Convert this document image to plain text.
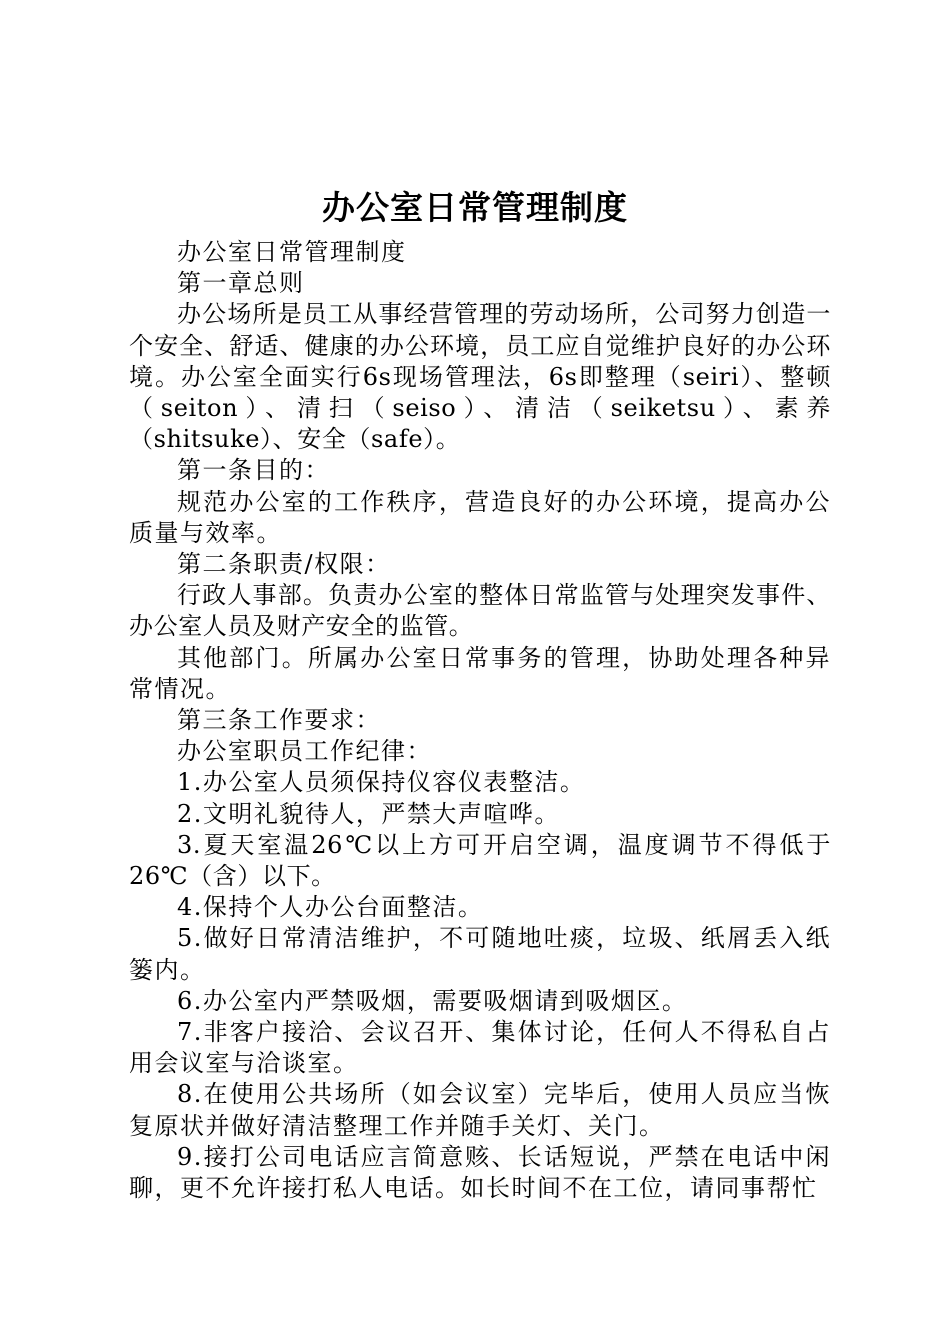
办公室日常管理制度

办公室日常管理制度

第一章总则

办公场所是员工从事经营管理的劳动场所，公司努力创造一个安全、舒适、健康的办公环境，员工应自觉维护良好的办公环境。办公室全面实行6s现场管理法，6s即整理（seiri）、整顿（seiton）、清扫（seiso）、清洁（seiketsu）、素养（shitsuke）、安全（safe）。

第一条目的：

规范办公室的工作秩序，营造良好的办公环境，提高办公质量与效率。

第二条职责/权限：

行政人事部。负责办公室的整体日常监管与处理突发事件、办公室人员及财产安全的监管。

其他部门。所属办公室日常事务的管理，协助处理各种异常情况。

第三条工作要求：

办公室职员工作纪律：

1.办公室人员须保持仪容仪表整洁。

2.文明礼貌待人，严禁大声喧哗。

3.夏天室温26℃以上方可开启空调，温度调节不得低于26℃（含）以下。

4.保持个人办公台面整洁。

5.做好日常清洁维护，不可随地吐痰，垃圾、纸屑丢入纸篓内。

6.办公室内严禁吸烟，需要吸烟请到吸烟区。

7.非客户接洽、会议召开、集体讨论，任何人不得私自占用会议室与洽谈室。

8.在使用公共场所（如会议室）完毕后，使用人员应当恢复原状并做好清洁整理工作并随手关灯、关门。

9.接打公司电话应言简意赅、长话短说，严禁在电话中闲聊，更不允许接打私人电话。如长时间不在工位，请同事帮忙
